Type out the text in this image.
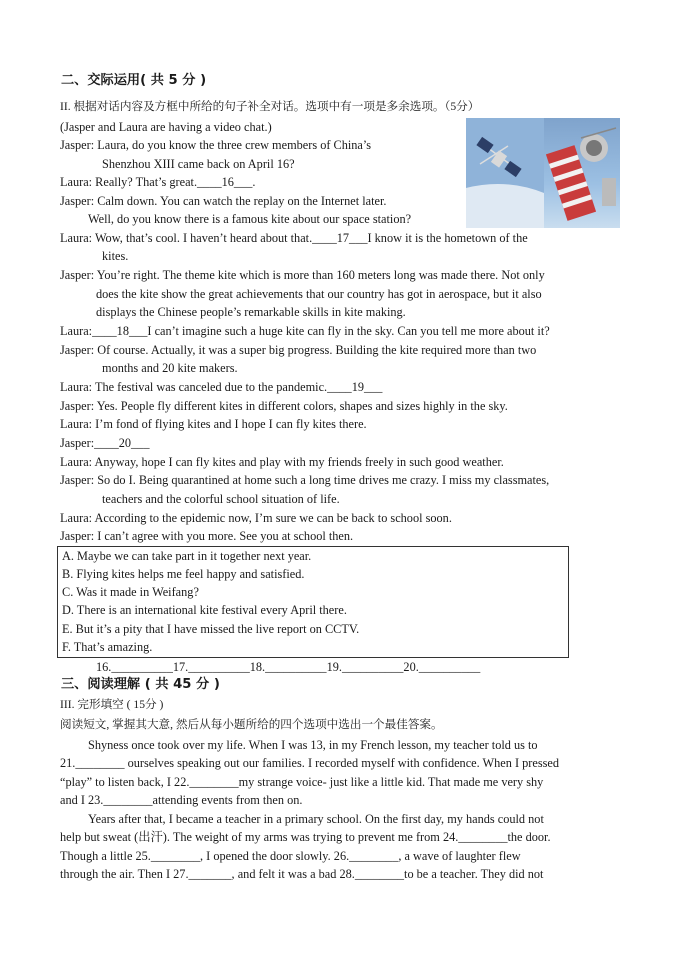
二、交际运用( 共 5 分 )
II. 根据对话内容及方框中所给的句子补全对话。选项中有一项是多余选项。（5分）
(Jasper and Laura are having a video chat.)
Jasper: Laura, do you know the three crew members of China’s
Shenzhou XIII came back on April 16?
Laura: Really? That’s great.____16___.
Jasper: Calm down. You can watch the replay on the Internet later.
Well, do you know there is a famous kite about our space station?
Laura: Wow, that’s cool. I haven’t heard about that.____17___I know it is the hometown of the
kites.
Jasper: You’re right. The theme kite which is more than 160 meters long was made there. Not only
does the kite show the great achievements that our country has got in aerospace, but it also
displays the Chinese people’s remarkable skills in kite making.
Laura:____18___I can’t imagine such a huge kite can fly in the sky. Can you tell me more about it?
Jasper: Of course. Actually, it was a super big progress. Building the kite required more than two
months and 20 kite makers.
Laura: The festival was canceled due to the pandemic.____19___
Jasper: Yes. People fly different kites in different colors, shapes and sizes highly in the sky.
Laura: I’m fond of flying kites and I hope I can fly kites there.
Jasper:____20___
Laura: Anyway, hope I can fly kites and play with my friends freely in such good weather.
Jasper: So do I. Being quarantined at home such a long time drives me crazy. I miss my classmates,
teachers and the colorful school situation of life.
Laura: According to the epidemic now, I’m sure we can be back to school soon.
Jasper: I can’t agree with you more. See you at school then.
A. Maybe we can take part in it together next year.
B. Flying kites helps me feel happy and satisfied.
C. Was it made in Weifang?
D. There is an international kite festival every April there.
E. But it’s a pity that I have missed the live report on CCTV.
F. That’s amazing.
16.__________17.__________18.__________19.__________20.__________
三、阅读理解 ( 共 45 分 )
III. 完形填空 ( 15分 )
阅读短文, 掌握其大意, 然后从每小题所给的四个选项中选出一个最佳答案。
Shyness once took over my life. When I was 13, in my French lesson, my teacher told us to
21.________ ourselves speaking out our families. I recorded myself with confidence. When I pressed
“play” to listen back, I 22.________my strange voice- just like a little kid. That made me very shy
and I 23.________attending events from then on.
Years after that, I became a teacher in a primary school. On the first day, my hands could not
help but sweat (出汗). The weight of my arms was trying to prevent me from 24.________the door.
Though a little 25.________, I opened the door slowly. 26.________, a wave of laughter flew
through the air. Then I 27._______, and felt it was a bad 28.________to be a teacher. They did not
